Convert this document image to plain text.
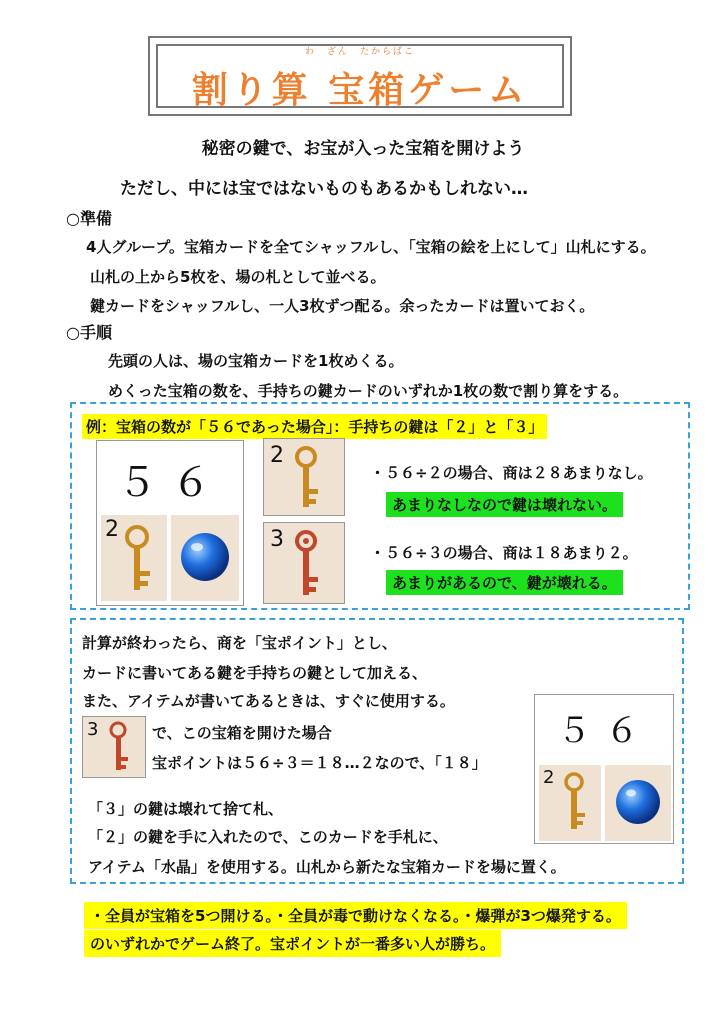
わ　ざん　たからばこ
割り算 宝箱ゲーム
秘密の鍵で、お宝が入った宝箱を開けよう
ただし、中には宝ではないものもあるかもしれない…
○準備
4人グループ。宝箱カードを全てシャッフルし、「宝箱の絵を上にして」山札にする。
山札の上から5枚を、場の札として並べる。
鍵カードをシャッフルし、一人3枚ずつ配る。余ったカードは置いておく。
○手順
先頭の人は、場の宝箱カードを1枚めくる。
めくった宝箱の数を、手持ちの鍵カードのいずれか1枚の数で割り算をする。
例：宝箱の数が「５６であった場合」：手持ちの鍵は「２」と「３」
５６
2
2
3
・５６÷２の場合、商は２８あまりなし。
あまりなしなので鍵は壊れない。
・５６÷３の場合、商は１８あまり２。
あまりがあるので、鍵が壊れる。
計算が終わったら、商を「宝ポイント」とし、
カードに書いてある鍵を手持ちの鍵として加える、
また、アイテムが書いてあるときは、すぐに使用する。
3	で、この宝箱を開けた場合
宝ポイントは５６÷３＝１８…２なので、「１８」
「３」の鍵は壊れて捨て札、
「２」の鍵を手に入れたので、このカードを手札に、
アイテム「水晶」を使用する。山札から新たな宝箱カードを場に置く。
５６
2
・全員が宝箱を5つ開ける。・全員が毒で動けなくなる。・爆弾が3つ爆発する。
のいずれかでゲーム終了。宝ポイントが一番多い人が勝ち。
